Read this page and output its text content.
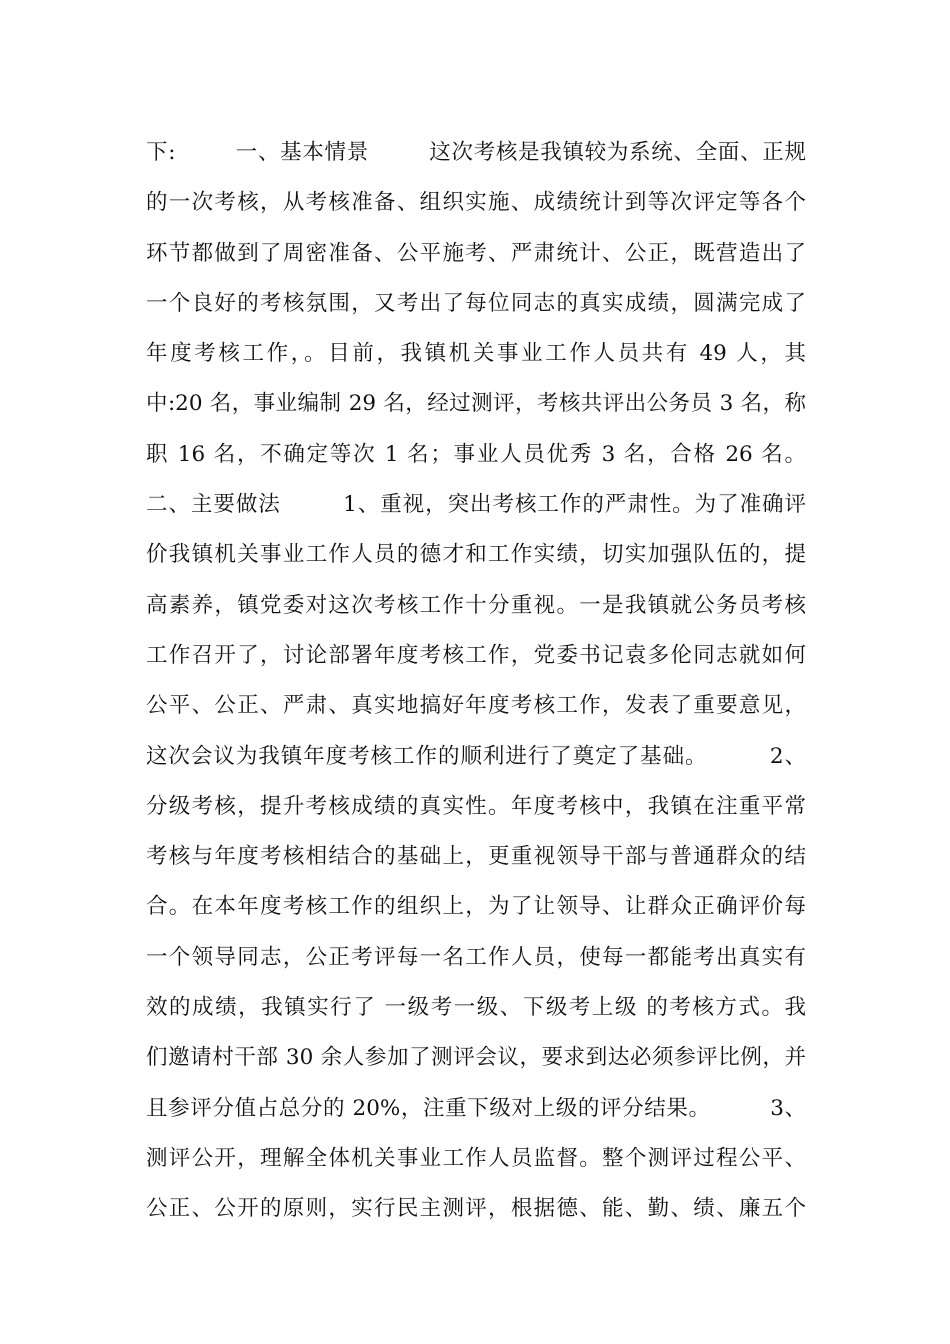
下:        一、基本情景        这次考核是我镇较为系统、全面、正规
的一次考核，从考核准备、组织实施、成绩统计到等次评定等各个
环节都做到了周密准备、公平施考、严肃统计、公正，既营造出了
一个良好的考核氛围，又考出了每位同志的真实成绩，圆满完成了
年度考核工作，。目前，我镇机关事业工作人员共有 49 人，其
中:20 名，事业编制 29 名，经过测评，考核共评出公务员 3 名，称
职 16 名，不确定等次 1 名；事业人员优秀 3 名，合格 26 名。
二、主要做法        1、重视，突出考核工作的严肃性。为了准确评
价我镇机关事业工作人员的德才和工作实绩，切实加强队伍的，提
高素养，镇党委对这次考核工作十分重视。一是我镇就公务员考核
工作召开了，讨论部署年度考核工作，党委书记袁多伦同志就如何
公平、公正、严肃、真实地搞好年度考核工作，发表了重要意见，
这次会议为我镇年度考核工作的顺利进行了奠定了基础。        2、
分级考核，提升考核成绩的真实性。年度考核中，我镇在注重平常
考核与年度考核相结合的基础上，更重视领导干部与普通群众的结
合。在本年度考核工作的组织上，为了让领导、让群众正确评价每
一个领导同志，公正考评每一名工作人员，使每一都能考出真实有
效的成绩，我镇实行了 一级考一级、下级考上级 的考核方式。我
们邀请村干部 30 余人参加了测评会议，要求到达必须参评比例，并
且参评分值占总分的 20%，注重下级对上级的评分结果。        3、
测评公开，理解全体机关事业工作人员监督。整个测评过程公平、
公正、公开的原则，实行民主测评，根据德、能、勤、绩、廉五个
